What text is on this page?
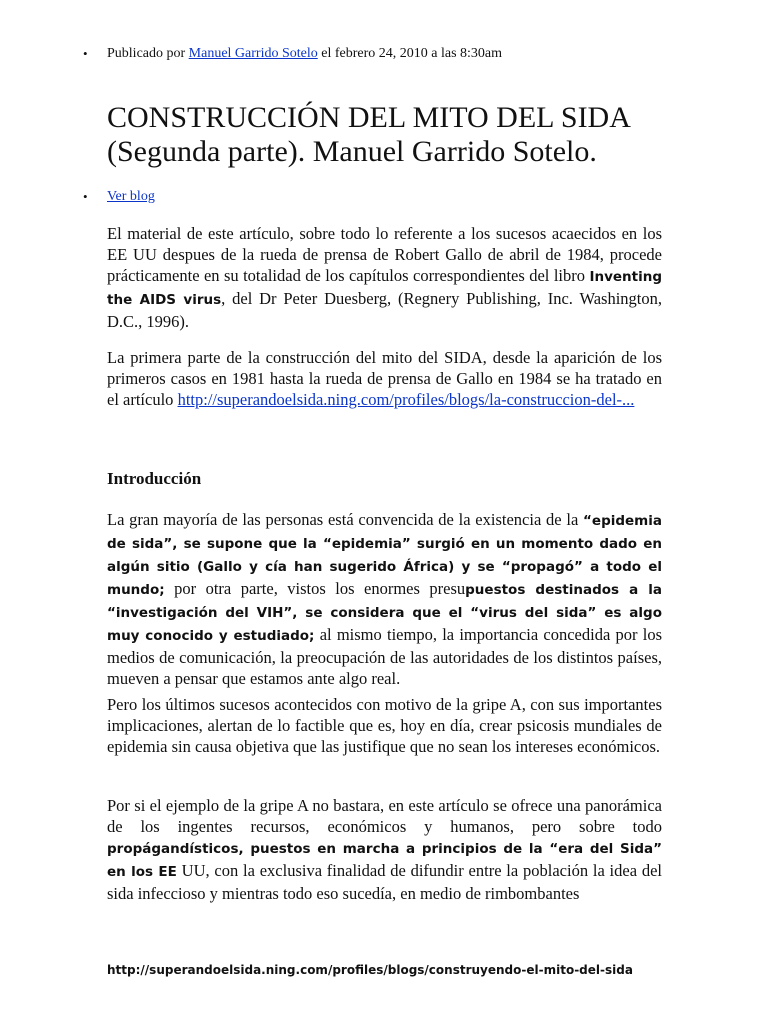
• Publicado por Manuel Garrido Sotelo el febrero 24, 2010 a las 8:30am
CONSTRUCCIÓN DEL MITO DEL SIDA (Segunda parte). Manuel Garrido Sotelo.
• Ver blog

El material de este artículo, sobre todo lo referente a los sucesos acaecidos en los EE UU despues de la rueda de prensa de Robert Gallo de abril de 1984, procede prácticamente en su totalidad de los capítulos correspondientes del libro Inventing the AIDS virus, del Dr Peter Duesberg, (Regnery Publishing, Inc. Washington, D.C., 1996).

La primera parte de la construcción del mito del SIDA, desde la aparición de los primeros casos en 1981 hasta la rueda de prensa de Gallo en 1984 se ha tratado en el artículo http://superandoelsida.ning.com/profiles/blogs/la-construccion-del-...

Introducción

La gran mayoría de las personas está convencida de la existencia de la “epidemia de sida”, se supone que la “epidemia” surgió en un momento dado en algún sitio (Gallo y cía han sugerido África) y se “propagó” a todo el mundo; por otra parte, vistos los enormes presupuestos destinados a la “investigación del VIH”, se considera que el “virus del sida” es algo muy conocido y estudiado; al mismo tiempo, la importancia concedida por los medios de comunicación, la preocupación de las autoridades de los distintos países, mueven a pensar que estamos ante algo real.

Pero los últimos sucesos acontecidos con motivo de la gripe A, con sus importantes implicaciones, alertan de lo factible que es, hoy en día, crear psicosis mundiales de epidemia sin causa objetiva que las justifique que no sean los intereses económicos.

Por si el ejemplo de la gripe A no bastara, en este artículo se ofrece una panorámica de los ingentes recursos, económicos y humanos, pero sobre todo propágandísticos, puestos en marcha a principios de la “era del Sida” en los EE UU, con la exclusiva finalidad de difundir entre la población la idea del sida infeccioso y mientras todo eso sucedía, en medio de rimbombantes

http://superandoelsida.ning.com/profiles/blogs/construyendo-el-mito-del-sida
